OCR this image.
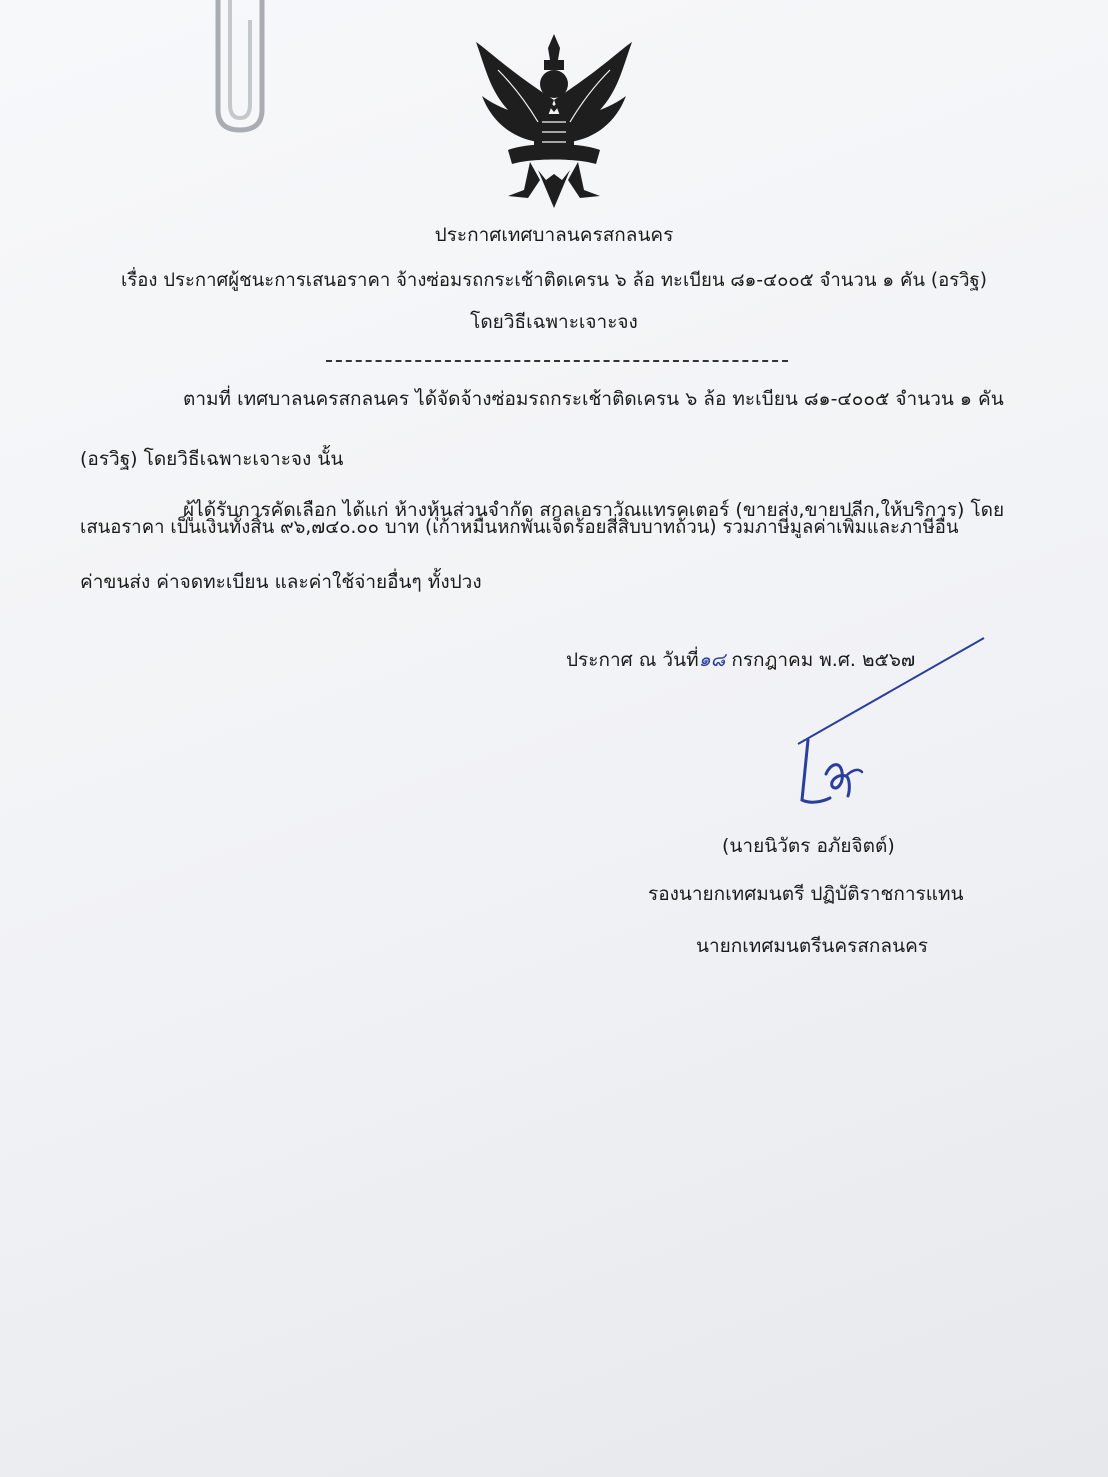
ประกาศเทศบาลนครสกลนคร
เรื่อง ประกาศผู้ชนะการเสนอราคา จ้างซ่อมรถกระเช้าติดเครน ๖ ล้อ ทะเบียน ๘๑-๔๐๐๕ จำนวน ๑ คัน (อรวิฐ)
โดยวิธีเฉพาะเจาะจง
ตามที่ เทศบาลนครสกลนคร ได้จัดจ้างซ่อมรถกระเช้าติดเครน ๖ ล้อ ทะเบียน ๘๑-๔๐๐๕ จำนวน ๑ คัน
(อรวิฐ) โดยวิธีเฉพาะเจาะจง นั้น
ผู้ได้รับการคัดเลือก ได้แก่ ห้างหุ้นส่วนจำกัด สกลเอราวัณแทรคเตอร์ (ขายส่ง,ขายปลีก,ให้บริการ) โดย
เสนอราคา เป็นเงินทั้งสิ้น ๙๖,๗๔๐.๐๐ บาท (เก้าหมื่นหกพันเจ็ดร้อยสี่สิบบาทถ้วน) รวมภาษีมูลค่าเพิ่มและภาษีอื่น
ค่าขนส่ง ค่าจดทะเบียน และค่าใช้จ่ายอื่นๆ ทั้งปวง
ประกาศ ณ วันที่๑๘ กรกฎาคม พ.ศ. ๒๕๖๗
(นายนิวัตร อภัยจิตต์)
รองนายกเทศมนตรี ปฏิบัติราชการแทน
นายกเทศมนตรีนครสกลนคร
